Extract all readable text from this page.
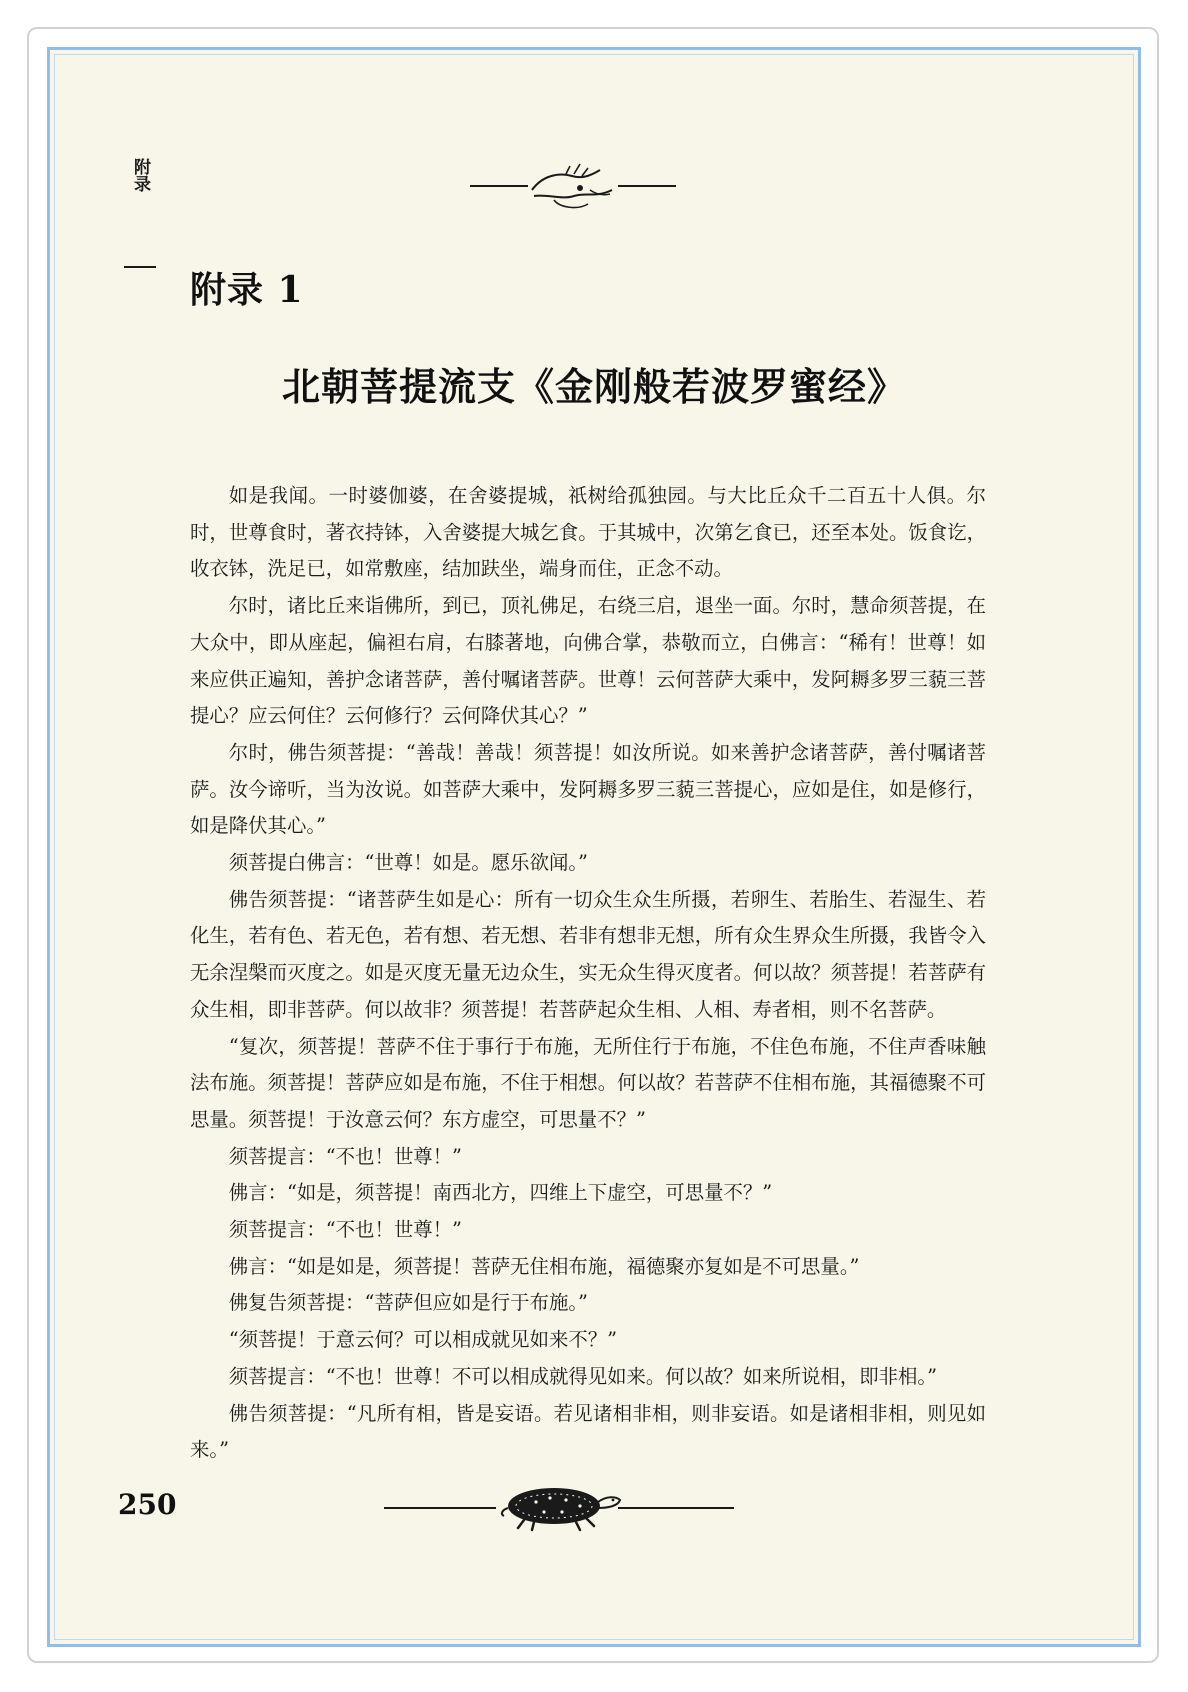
附录
附录 1
北朝菩提流支《金刚般若波罗蜜经》

如是我闻。一时婆伽婆，在舍婆提城，祇树给孤独园。与大比丘众千二百五十人俱。尔时，世尊食时，著衣持钵，入舍婆提大城乞食。于其城中，次第乞食已，还至本处。饭食讫，收衣钵，洗足已，如常敷座，结加趺坐，端身而住，正念不动。

尔时，诸比丘来诣佛所，到已，顶礼佛足，右绕三启，退坐一面。尔时，慧命须菩提，在大众中，即从座起，偏袒右肩，右膝著地，向佛合掌，恭敬而立，白佛言：“稀有！世尊！如来应供正遍知，善护念诸菩萨，善付嘱诸菩萨。世尊！云何菩萨大乘中，发阿耨多罗三藐三菩提心？应云何住？云何修行？云何降伏其心？”

尔时，佛告须菩提：“善哉！善哉！须菩提！如汝所说。如来善护念诸菩萨，善付嘱诸菩萨。汝今谛听，当为汝说。如菩萨大乘中，发阿耨多罗三藐三菩提心，应如是住，如是修行，如是降伏其心。”

须菩提白佛言：“世尊！如是。愿乐欲闻。”

佛告须菩提：“诸菩萨生如是心：所有一切众生众生所摄，若卵生、若胎生、若湿生、若化生，若有色、若无色，若有想、若无想、若非有想非无想，所有众生界众生所摄，我皆令入无余涅槃而灭度之。如是灭度无量无边众生，实无众生得灭度者。何以故？须菩提！若菩萨有众生相，即非菩萨。何以故非？须菩提！若菩萨起众生相、人相、寿者相，则不名菩萨。

“复次，须菩提！菩萨不住于事行于布施，无所住行于布施，不住色布施，不住声香味触法布施。须菩提！菩萨应如是布施，不住于相想。何以故？若菩萨不住相布施，其福德聚不可思量。须菩提！于汝意云何？东方虚空，可思量不？”

须菩提言：“不也！世尊！”

佛言：“如是，须菩提！南西北方，四维上下虚空，可思量不？”

须菩提言：“不也！世尊！”

佛言：“如是如是，须菩提！菩萨无住相布施，福德聚亦复如是不可思量。”

佛复告须菩提：“菩萨但应如是行于布施。”

“须菩提！于意云何？可以相成就见如来不？”

须菩提言：“不也！世尊！不可以相成就得见如来。何以故？如来所说相，即非相。”

佛告须菩提：“凡所有相，皆是妄语。若见诸相非相，则非妄语。如是诸相非相，则见如来。”

250
